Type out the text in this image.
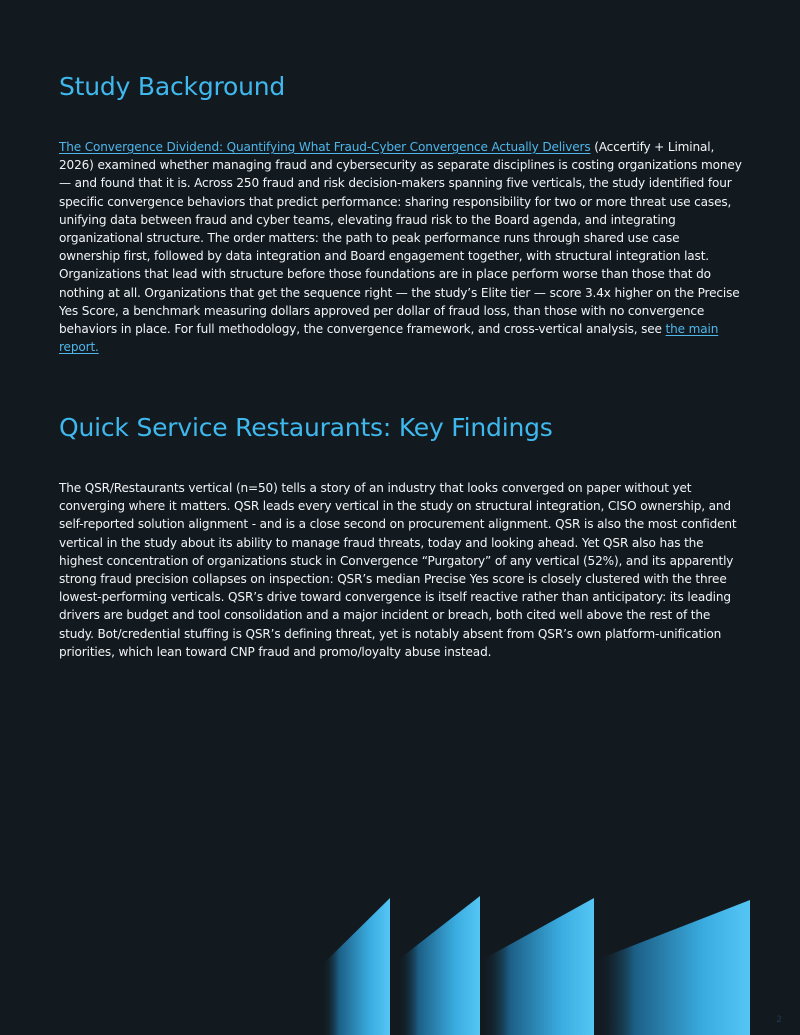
Study Background

The Convergence Dividend: Quantifying What Fraud-Cyber Convergence Actually Delivers (Accertify + Liminal, 2026) examined whether managing fraud and cybersecurity as separate disciplines is costing organizations money — and found that it is. Across 250 fraud and risk decision-makers spanning five verticals, the study identified four specific convergence behaviors that predict performance: sharing responsibility for two or more threat use cases, unifying data between fraud and cyber teams, elevating fraud risk to the Board agenda, and integrating organizational structure. The order matters: the path to peak performance runs through shared use case ownership first, followed by data integration and Board engagement together, with structural integration last. Organizations that lead with structure before those foundations are in place perform worse than those that do nothing at all. Organizations that get the sequence right — the study’s Elite tier — score 3.4x higher on the Precise Yes Score, a benchmark measuring dollars approved per dollar of fraud loss, than those with no convergence behaviors in place. For full methodology, the convergence framework, and cross-vertical analysis, see the main report.

Quick Service Restaurants: Key Findings

The QSR/Restaurants vertical (n=50) tells a story of an industry that looks converged on paper without yet converging where it matters. QSR leads every vertical in the study on structural integration, CISO ownership, and self-reported solution alignment - and is a close second on procurement alignment. QSR is also the most confident vertical in the study about its ability to manage fraud threats, today and looking ahead. Yet QSR also has the highest concentration of organizations stuck in Convergence “Purgatory” of any vertical (52%), and its apparently strong fraud precision collapses on inspection: QSR’s median Precise Yes score is closely clustered with the three lowest-performing verticals. QSR’s drive toward convergence is itself reactive rather than anticipatory: its leading drivers are budget and tool consolidation and a major incident or breach, both cited well above the rest of the study. Bot/credential stuffing is QSR’s defining threat, yet is notably absent from QSR’s own platform-unification priorities, which lean toward CNP fraud and promo/loyalty abuse instead.

2
